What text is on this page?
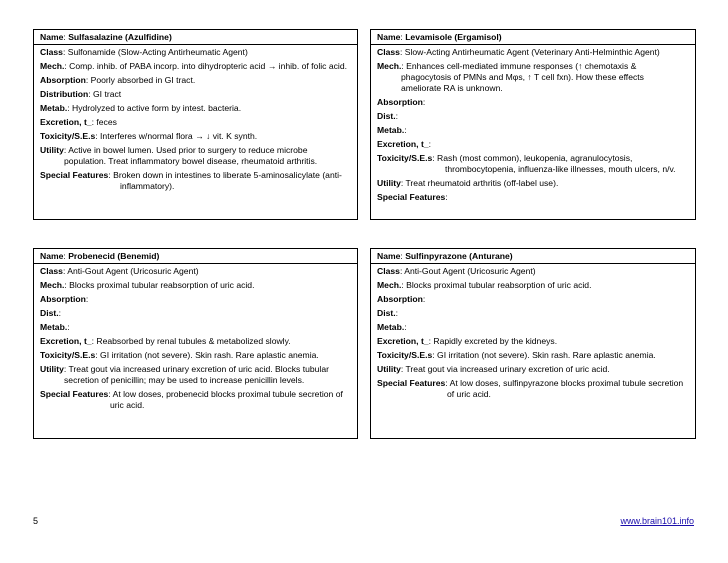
Name: Sulfasalazine (Azulfidine)
Class: Sulfonamide (Slow-Acting Antirheumatic Agent)
Mech.: Comp. inhib. of PABA incorp. into dihydropteric acid → inhib. of folic acid.
Absorption: Poorly absorbed in GI tract.
Distribution: GI tract
Metab.: Hydrolyzed to active form by intest. bacteria.
Excretion, t_: feces
Toxicity/S.E.s: Interferes w/normal flora → ↓ vit. K synth.
Utility: Active in bowel lumen. Used prior to surgery to reduce microbe
population. Treat inflammatory bowel disease, rheumatoid arthritis.
Special Features: Broken down in intestines to liberate 5-aminosalicylate (anti-
inflammatory).
Name: Levamisole (Ergamisol)
Class: Slow-Acting Antirheumatic Agent (Veterinary Anti-Helminthic Agent)
Mech.: Enhances cell-mediated immune responses (↑ chemotaxis &
phagocytosis of PMNs and Mφs, ↑ T cell fxn). How these effects
ameliorate RA is unknown.
Absorption:
Dist.:
Metab.:
Excretion, t_:
Toxicity/S.E.s: Rash (most common), leukopenia, agranulocytosis,
thrombocytopenia, influenza-like illnesses, mouth ulcers, n/v.
Utility: Treat rheumatoid arthritis (off-label use).
Special Features:
Name: Probenecid (Benemid)
Class: Anti-Gout Agent (Uricosuric Agent)
Mech.: Blocks proximal tubular reabsorption of uric acid.
Absorption:
Dist.:
Metab.:
Excretion, t_: Reabsorbed by renal tubules & metabolized slowly.
Toxicity/S.E.s: GI irritation (not severe). Skin rash. Rare aplastic anemia.
Utility: Treat gout via increased urinary excretion of uric acid. Blocks tubular
secretion of penicillin; may be used to increase penicillin levels.
Special Features: At low doses, probenecid blocks proximal tubule secretion of
uric acid.
Name: Sulfinpyrazone (Anturane)
Class: Anti-Gout Agent (Uricosuric Agent)
Mech.: Blocks proximal tubular reabsorption of uric acid.
Absorption:
Dist.:
Metab.:
Excretion, t_: Rapidly excreted by the kidneys.
Toxicity/S.E.s: GI irritation (not severe). Skin rash. Rare aplastic anemia.
Utility: Treat gout via increased urinary excretion of uric acid.
Special Features: At low doses, sulfinpyrazone blocks proximal tubule secretion
of uric acid.
5	www.brain101.info
